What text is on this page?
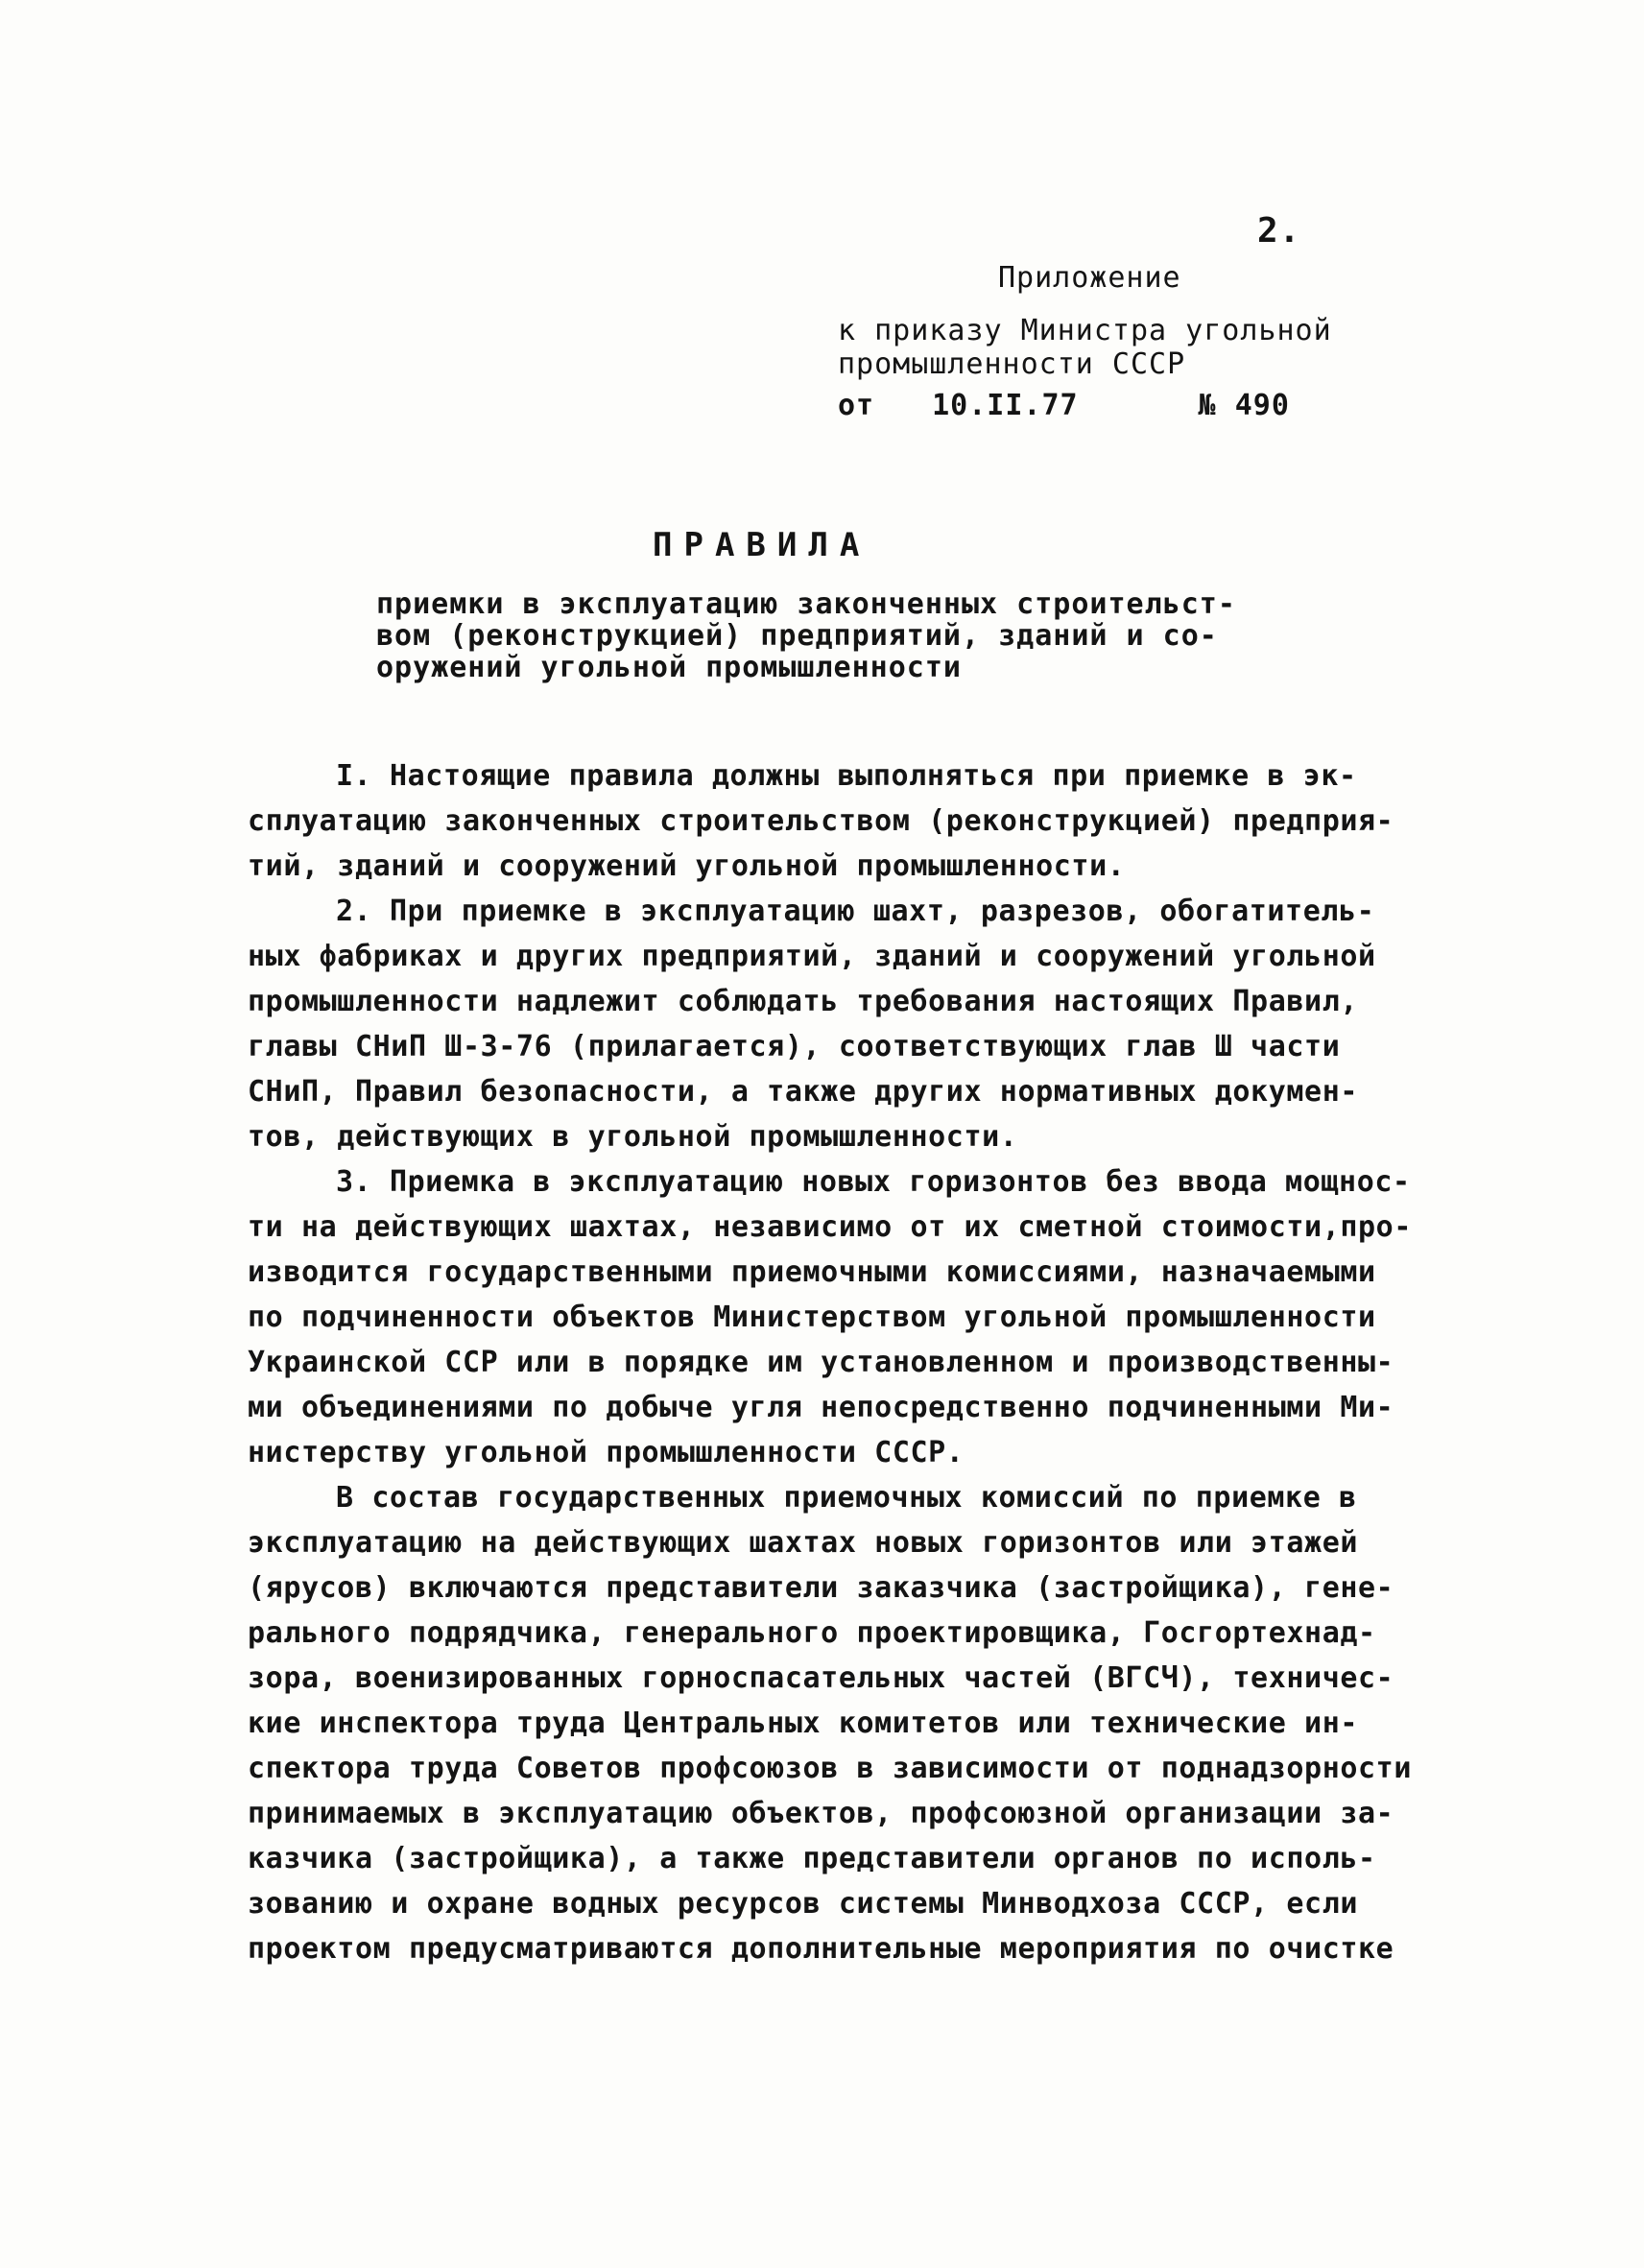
2.
Приложение
к приказу Министра угольной
промышленности СССР
от 10.II.77	№ 490
ПРАВИЛА
приемки в эксплуатацию законченных строительст-
вом (реконструкцией) предприятий, зданий и со-
оружений угольной промышленности
I. Настоящие правила должны выполняться при приемке в эк-
сплуатацию законченных строительством (реконструкцией) предприя-
тий, зданий и сооружений угольной промышленности.
2. При приемке в эксплуатацию шахт, разрезов, обогатитель-
ных фабриках и других предприятий, зданий и сооружений угольной
промышленности надлежит соблюдать требования настоящих Правил,
главы СНиП Ш-3-76 (прилагается), соответствующих глав Ш части
СНиП, Правил безопасности, а также других нормативных докумен-
тов, действующих в угольной промышленности.
3. Приемка в эксплуатацию новых горизонтов без ввода мощнос-
ти на действующих шахтах, независимо от их сметной стоимости,про-
изводится государственными приемочными комиссиями, назначаемыми
по подчиненности объектов Министерством угольной промышленности
Украинской ССР или в порядке им установленном и производственны-
ми объединениями по добыче угля непосредственно подчиненными Ми-
нистерству угольной промышленности СССР.
В состав государственных приемочных комиссий по приемке в
эксплуатацию на действующих шахтах новых горизонтов или этажей
(ярусов) включаются представители заказчика (застройщика), гене-
рального подрядчика, генерального проектировщика, Госгортехнад-
зора, военизированных горноспасательных частей (ВГСЧ), техничес-
кие инспектора труда Центральных комитетов или технические ин-
спектора труда Советов профсоюзов в зависимости от поднадзорности
принимаемых в эксплуатацию объектов, профсоюзной организации за-
казчика (застройщика), а также представители органов по исполь-
зованию и охране водных ресурсов системы Минводхоза СССР, если
проектом предусматриваются дополнительные мероприятия по очистке
